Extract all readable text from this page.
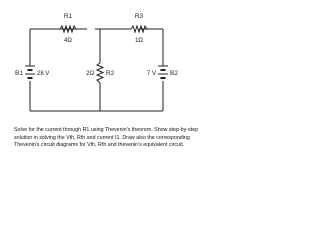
R1
4Ω
R3
1Ω
2Ω R2
B1 28 V	7 V B2

Solve for the current through R1 using Thevenin's theorem. Show step-by-step solution in solving the Vth, Rth and current I1. Draw also the corresponding Thevenin's circuit diagrams for Vth, Rth and thevenin's equivalent circuit.
